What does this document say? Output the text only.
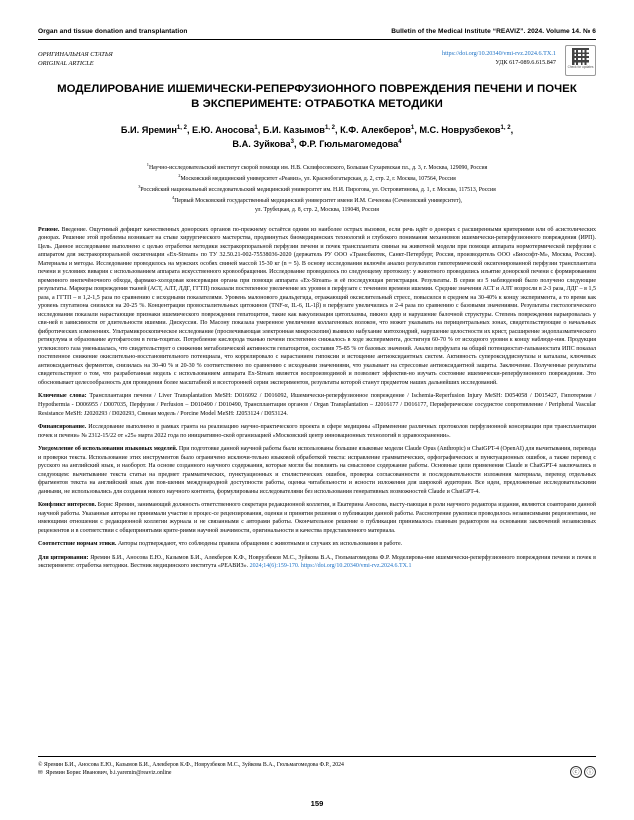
Organ and tissue donation and transplantation	Bulletin of the Medical Institute “REAVIZ”. 2024. Volume 14. № 6
ОРИГИНАЛЬНАЯ СТАТЬЯ
ORIGINAL ARTICLE
https://doi.org/10.20340/vmi-rvz.2024.6.TX.1
УДК 617-089.6.615.847
Check for updates
МОДЕЛИРОВАНИЕ ИШЕМИЧЕСКИ-РЕПЕРФУЗИОННОГО ПОВРЕЖДЕНИЯ ПЕЧЕНИ И ПОЧЕК В ЭКСПЕРИМЕНТЕ: ОТРАБОТКА МЕТОДИКИ
Б.И. Яремин$^{1, 2}$, Е.Ю. Аносова$^1$, Б.И. Казымов$^{1, 2}$, К.Ф. Алекберов$^1$, М.С. Новрузбеков$^{1, 2}$,
В.А. Зуйкова$^3$, Ф.Р. Гюльмагомедова$^4$
$^1$Научно-исследовательский институт скорой помощи им. Н.В. Склифосовского, Большая Сухаревская пл., д. 3, г. Москва, 129090, Россия
$^2$Московский медицинский университет «Реавиз», ул. Краснобогатырская, д. 2, стр. 2, г. Москва, 107564, Россия
$^3$Российский национальный исследовательский медицинский университет им. Н.И. Пирогова, ул. Островитянова, д. 1, г. Москва, 117513, Россия
$^4$Первый Московский государственный медицинский университет имени И.М. Сеченова (Сеченовский университет),
ул. Трубецкая, д. 8, стр. 2, Москва, 119048, Россия

Резюме. Введение. Ощутимый дефицит качественных донорских органов по-прежнему остаётся одним из наиболее острых вызовов, если речь идёт о донорах с расширенными критериями или об асистолических донорах. Решение этой проблемы возникает на стыке хирургического мастерства, продвинутых биомедицинских технологий и глубокого понимания механизмов ишемически-реперфузионного повреждения (ИРП). Цель. Данное исследование выполнено с целью отработки методики экстракорпоральной перфузии печени и почек трансплантата свиньи на животной модели при помощи аппарата нормотермической перфузии с аппаратом для экстракорпоральной оксигенации «Ех-Stream» по ТУ 32.50.21-002-75538036-2020 (держатель РУ ООО «Трансбиотек, Санкт-Петербург, Россия, производитель ООО «Биософт-М», Москва, Россия). Материалы и методы. Исследование проводилось на мужских особях свиней массой 15-30 кг (n = 5). В основу исследования включён анализ результатов гипотермической оксигенированной перфузии трансплантата печени и условиях вивария с использованием аппарата искусственного кровообращения. Исследование проводилось по следующему протоколу: у животного проводились изъятие донорской печени с формированием временного внепечёночного обхода, фармако-холодовая консервация органа при помощи аппарата «Ех-Stream» и её последующая регистрация. Результаты. В серии из 5 наблюдений было получено следующие результаты. Маркеры повреждения тканей (АСТ, АЛТ, ЛДГ, ГГТП) показали постепенное увеличение их уровня в перфузате с течением времени ишемии. Средние значения АСТ и АЛТ возросли в 2-3 раза, ЛДГ – в 1,5 раза, а ГГТП – в 1,2-1,5 раза по сравнению с исходными показателями. Уровень малонового диальдегида, отражающий оксислительный стресс, повысился в среднем на 30-40% к концу эксперимента, а то время как уровень глутатиона снизился на 20-25 %. Концентрации провоспалительных цитокинов (TNF-α, IL-6, IL-1β) в перфузате увеличились в 2-4 раза по сравнению с базовыми значениями. Результаты гистологического исследования показали нарастающие признаки ишемического повреждения гепатоцитов, такие как вакуолизация цитоплазмы, пикноз ядер и нарушение балочной структуры. Степень повреждения варьировалась у сви-ней в зависимости от длительности ишемии. Дискуссия. По Масону показала умеренное увеличение коллагеновых волокон, что может указывать на перицентральных зонах, свидетельствующие о начальных фибротических изменениях. Ультрамикроскопическое исследование (просвечивающая электронная микроскопия) выявило набухание митохондрий, нарушение целостности их крист, расширение эндоплазматического ретикулума и образование аутофагосом в гепа-тоцитах. Потребление кислорода тканью печени постепенно снижалось в ходе эксперимента, достигнув 60-70 % от исходного уровня к концу наблюде-ния. Продукция углекислого газа уменьшалась, что свидетельствует о снижении метаболической активности гепатоцитов, составив 75-85 % от базовых значений. Анализ перфузата на общий потенциостат-гальваностата ИПС показал постепенное снижение окислительно-восстановительного потенциала, что коррелировало с нарастанием гипоксии и истощение антиоксидантных систем. Активность супероксиддисмутазы и каталазы, ключевых антиоксидантных ферментов, снизилась на 30-40 % и 20-30 % соответственно по сравнению с исходными значениями, что указывает на стрессовые антиоксидантной защиты. Заключение. Полученные результаты свидетельствуют о том, что разработанная модель с использованием аппарата Ex-Stream является воспроизводимой и позволяет эффектив-но изучать состояние ишемически-реперфузионного повреждения. Это обосновывает целесообразность для проведения более масштабной и всесторонней серии экспериментов, результаты которой станут предметом наших дальнейших исследований.

Ключевые слова: Трансплантация печени / Liver Transplantation MeSH: D016092 / D016092, Ишемически-реперфузионное повреждение / Ischemia-Reperfusion Injury MeSH: D054058 / D015427, Гипотермия / Hypothermia - D006955 / D007035, Перфузия / Perfusion – D010490 / D010490, Трансплантация органов / Organ Transplantation – J2016177 / D016177, Периферическое сосудистое сопротивление / Peripheral Vascular Resistance MeSH: J2020293 / D020293, Свиная модель / Porcine Model MeSH: J2053124 / D053124.

Финансирование. Исследование выполнено в рамках гранта на реализацию научно-практического проекта в сфере медицины «Применение различных протоколов перфузионной консервации при трансплантации почек и печени» № 2312-15/22 от «25» марта 2022 года по инициативно-ской организацией «Московский центр инновационных технологий в здравоохранении».

Уведомление об использовании языковых моделей. При подготовке данной научной работы были использованы большие языковые модели Claude Opus (Anthropic) и ChatGPT-4 (OpenAI) для вычитывания, перевода и проверки текста. Использование этих инструментов было ограничено исключи-тельно языковой обработкой текста: исправление грамматических, орфографических и пунктуационных ошибок, а также перевод с русского на английский язык, и наоборот. На основе созданного научного содержания, которые могли бы повлиять на смысловое содержание работы. Основные цели применения Claude и ChatGPT-4 заключались в следующем: вычитывание текста статьи на предмет грамматических, пунктуационных и стилистических ошибок, проверка согласованности и последовательности изложения материала, перевод отдельных фрагментов текста на английский язык для пов-шения международной доступности работы, оценка читабельности и ясности изложения для широкой аудитории. Все идеи, предложенные исследовательскими данными, не использовались для создания нового научного контента, формулированы исследователями без использования генеративных возможностей Claude и ChatGPT-4.

Конфликт интересов. Борис Яремин, занимающий должность ответственного секретаря редакционной коллегии, и Екатерина Аносова, высту-пающая в роли научного редактора издания, являются соавторами данной научной работы. Указанные авторы не принимали участие в процес-се рецензирования, оценки и принятия решения о публикации данной работы. Рассмотрение рукописи проводилось независимыми рецензентами, не имеющими отношения с редакционной коллегии журнала и не связанными с авторами работы. Окончательное решение о публикации принималось главным редактором на основании заключений независимых рецензентов и в соответствии с общепринятыми крите-риями научной значимости, оригинальности и качества представленного материала.

Соответствие нормам этики. Авторы подтверждают, что соблюдены правила обращения с животными и случаях их использования в работе.

Для цитирования: Яремин Б.И., Аносова Е.Ю., Казымов Б.И., Алекберов К.Ф., Новрузбеков М.С., Зуйкова В.А., Гюльмагомедова Ф.Р. Моделирова-ние ишемически-реперфузионного повреждения печени и почек в эксперименте: отработка методики. Вестник медицинского института «РЕАВИЗ». 2024;14(6):159-170. https://doi.org/10.20340/vmi-rvz.2024.6.TX.1

© Яремин Б.И., Аносова Е.Ю., Казымов Б.И., Алекберов К.Ф., Новрузбеков М.С., Зуйкова В.А., Гюльмагомедова Ф.Р., 2024
✉ Яремин Борис Иванович, b.i.yaremin@reaviz.online	ⓒ	ⓘ
159
